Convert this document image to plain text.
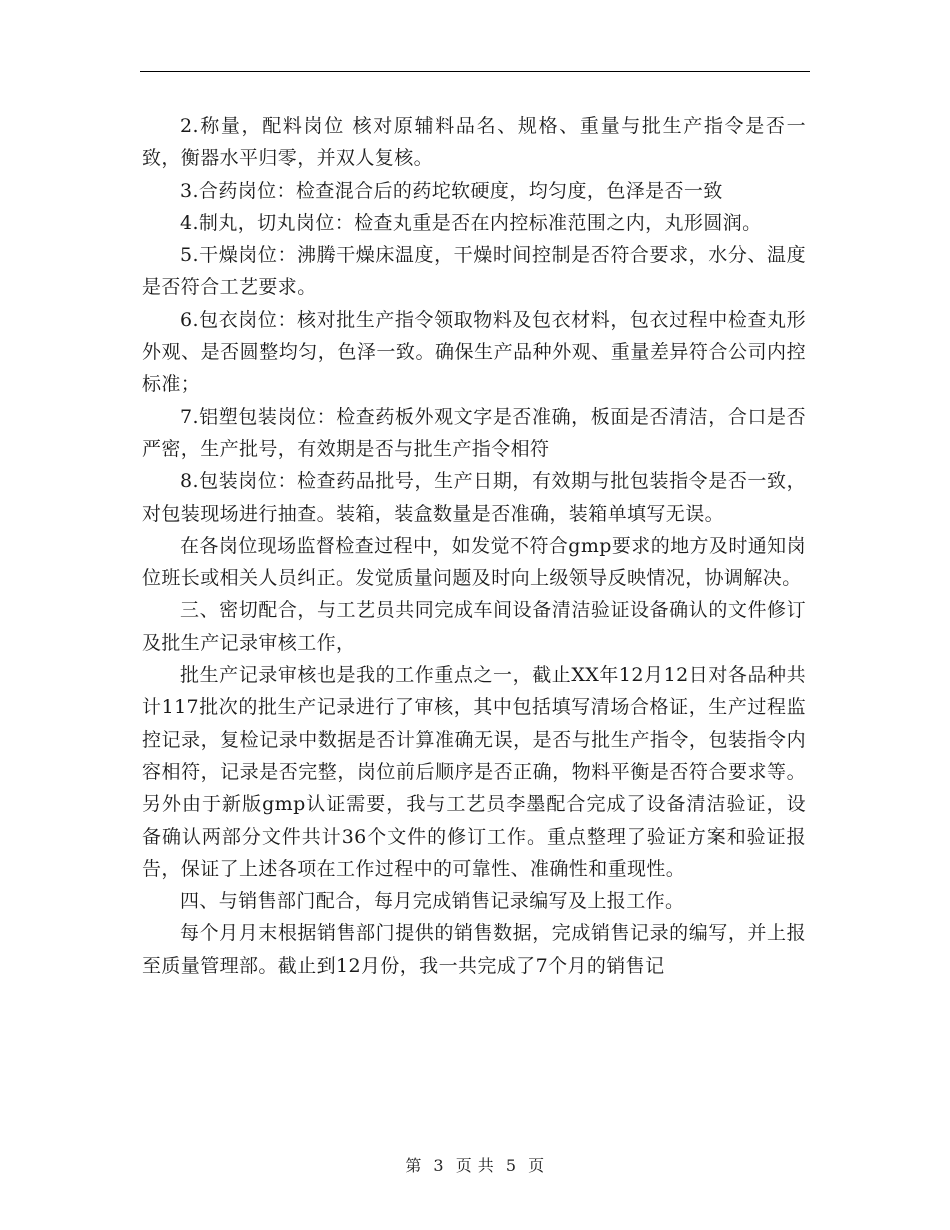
2.称量，配料岗位 核对原辅料品名、规格、重量与批生产指令是否一致，衡器水平归零，并双人复核。

3.合药岗位：检查混合后的药坨软硬度，均匀度，色泽是否一致

4.制丸，切丸岗位：检查丸重是否在内控标准范围之内，丸形圆润。

5.干燥岗位：沸腾干燥床温度，干燥时间控制是否符合要求，水分、温度是否符合工艺要求。

6.包衣岗位：核对批生产指令领取物料及包衣材料，包衣过程中检查丸形外观、是否圆整均匀，色泽一致。确保生产品种外观、重量差异符合公司内控标准；

7.铝塑包装岗位：检查药板外观文字是否准确，板面是否清洁，合口是否严密，生产批号，有效期是否与批生产指令相符

8.包装岗位：检查药品批号，生产日期，有效期与批包装指令是否一致，对包装现场进行抽查。装箱，装盒数量是否准确，装箱单填写无误。

在各岗位现场监督检查过程中，如发觉不符合gmp要求的地方及时通知岗位班长或相关人员纠正。发觉质量问题及时向上级领导反映情况，协调解决。

三、密切配合，与工艺员共同完成车间设备清洁验证设备确认的文件修订及批生产记录审核工作，

批生产记录审核也是我的工作重点之一，截止XX年12月12日对各品种共计117批次的批生产记录进行了审核，其中包括填写清场合格证，生产过程监控记录，复检记录中数据是否计算准确无误，是否与批生产指令，包装指令内容相符，记录是否完整，岗位前后顺序是否正确，物料平衡是否符合要求等。另外由于新版gmp认证需要，我与工艺员李墨配合完成了设备清洁验证，设备确认两部分文件共计36个文件的修订工作。重点整理了验证方案和验证报告，保证了上述各项在工作过程中的可靠性、准确性和重现性。

四、与销售部门配合，每月完成销售记录编写及上报工作。

每个月月末根据销售部门提供的销售数据，完成销售记录的编写，并上报至质量管理部。截止到12月份，我一共完成了7个月的销售记

第 3 页 共 5 页
